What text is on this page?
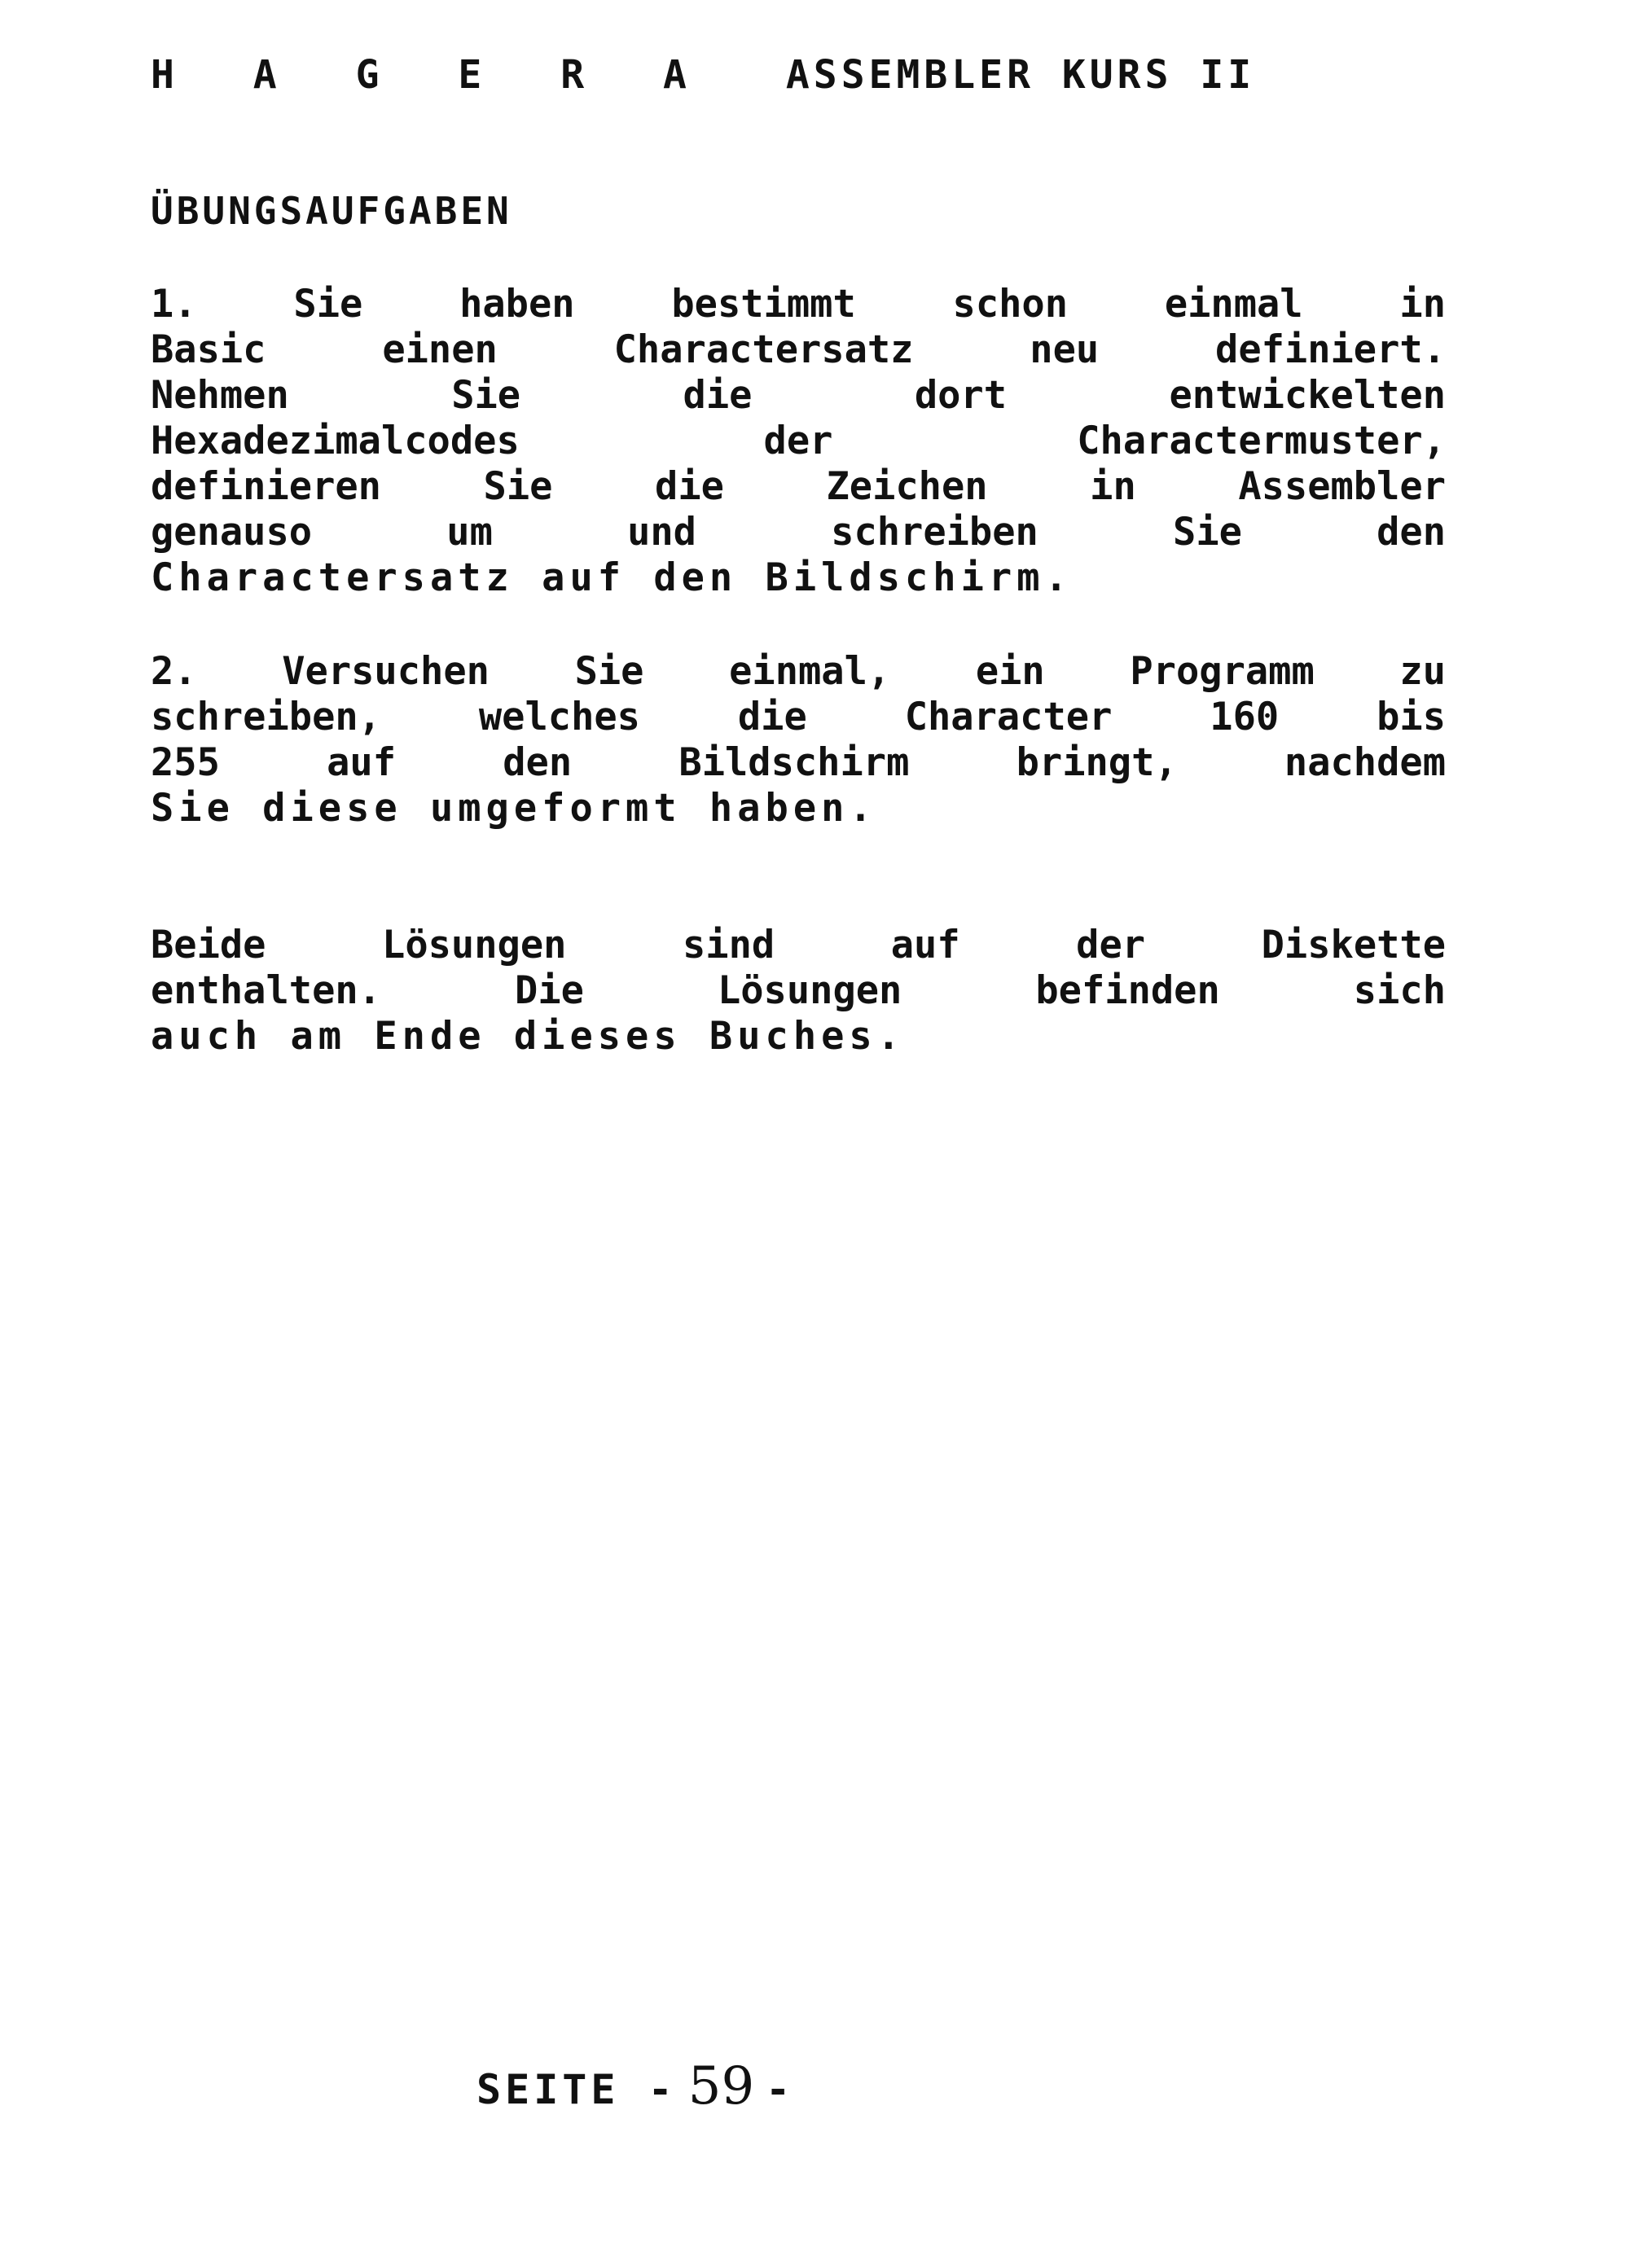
H A G E R A ASSEMBLER KURS II
ÜBUNGSAUFGABEN
1. Sie haben bestimmt schon einmal in
Basic einen Charactersatz neu definiert.
Nehmen Sie die dort entwickelten
Hexadezimalcodes der Charactermuster,
definieren Sie die Zeichen in Assembler
genauso um und schreiben Sie den
Charactersatz auf den Bildschirm.
2. Versuchen Sie einmal, ein Programm zu
schreiben, welches die Character 160 bis
255 auf den Bildschirm bringt, nachdem
Sie diese umgeformt haben.
Beide Lösungen sind auf der Diskette
enthalten. Die Lösungen befinden sich
auch am Ende dieses Buches.
SEITE - 59 -
